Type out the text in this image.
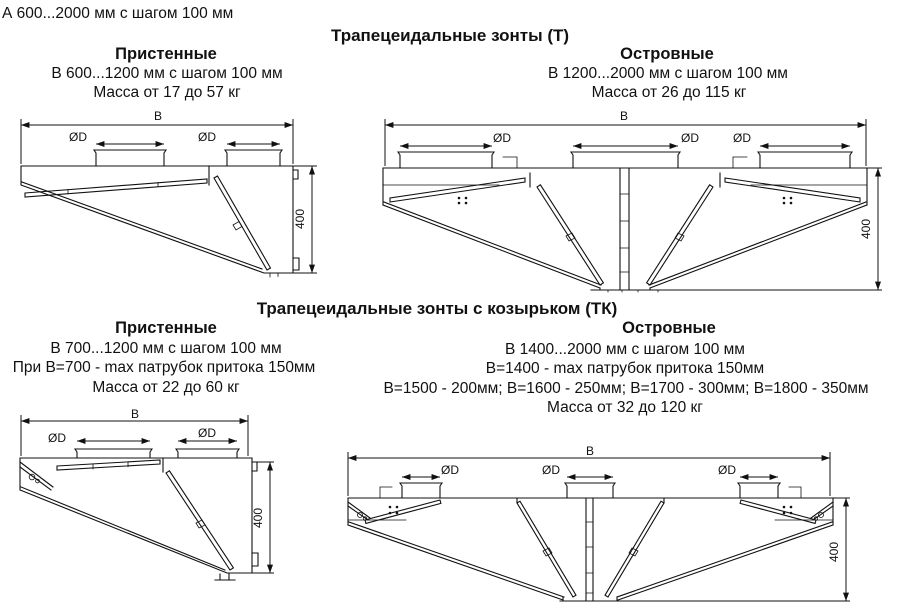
А 600...2000 мм с шагом 100 мм
Трапецеидальные зонты (Т)
Пристенные
В 600...1200 мм с шагом 100 мм
Масса от 17 до 57 кг
Островные
В 1200...2000 мм с шагом 100 мм
Масса от 26 до 115 кг
Трапецеидальные зонты с козырьком (ТК)
Пристенные
В 700...1200 мм с шагом 100 мм
При В=700 - max патрубок притока 150мм
Масса от 22 до 60 кг
Островные
В 1400...2000 мм с шагом 100 мм
В=1400 - max патрубок притока 150мм
В=1500 - 200мм; В=1600 - 250мм; В=1700 - 300мм; В=1800 - 350мм
Масса от 32 до 120 кг
B
ØD	ØD
400
B
ØD	ØD	ØD
400
B
ØD	ØD
400
B
ØD	ØD	ØD
400
